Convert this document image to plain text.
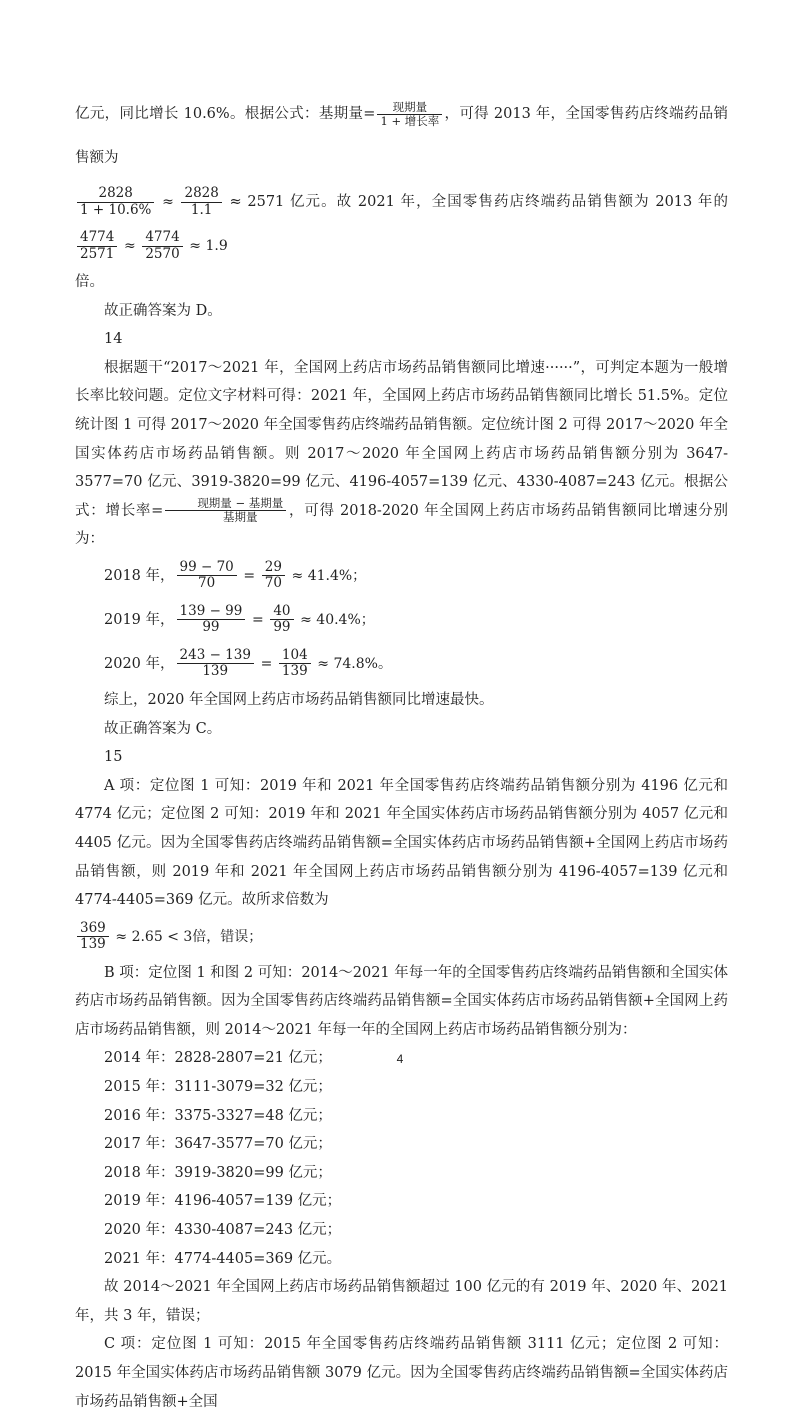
亿元，同比增长 10.6%。根据公式：基期量= $\frac{\text{现期量}}{\text{1 + 增长率}}$ ，可得 2013 年，全国零售药店终端药品销售额为

$\frac{2828}{1 + 10.6\%} \approx \frac{2828}{1.1} \approx 2571$ 亿元。故 2021 年，全国零售药店终端药品销售额为 2013 年的
$\frac{4774}{2571} \approx \frac{4774}{2570} \approx 1.9$

倍。

故正确答案为 D。

14

根据题干“2017～2021 年，全国网上药店市场药品销售额同比增速······”，可判定本题为一般增长率比较问题。定位文字材料可得：2021 年，全国网上药店市场药品销售额同比增长 51.5%。定位统计图 1 可得 2017～2020 年全国零售药店终端药品销售额。定位统计图 2 可得 2017～2020 年全国实体药店市场药品销售额。则 2017～2020 年全国网上药店市场药品销售额分别为 3647-3577=70 亿元、3919-3820=99 亿元、4196-4057=139 亿元、4330-4087=243 亿元。根据公式：增长率= $\frac{\text{现期量 − 基期量}}{\text{基期量}}$ ，可得 2018-2020 年全国网上药店市场药品销售额同比增速分别为：

2018 年， $\frac{99 - 70}{70} = \frac{29}{70} \approx 41.4\%$；

2019 年， $\frac{139 - 99}{99} = \frac{40}{99} \approx 40.4\%$；

2020 年， $\frac{243 - 139}{139} = \frac{104}{139} \approx 74.8\%$。

综上，2020 年全国网上药店市场药品销售额同比增速最快。

故正确答案为 C。

15

A 项：定位图 1 可知：2019 年和 2021 年全国零售药店终端药品销售额分别为 4196 亿元和 4774 亿元；定位图 2 可知：2019 年和 2021 年全国实体药店市场药品销售额分别为 4057 亿元和 4405 亿元。因为全国零售药店终端药品销售额=全国实体药店市场药品销售额+全国网上药店市场药品销售额，则 2019 年和 2021 年全国网上药店市场药品销售额分别为 4196-4057=139 亿元和 4774-4405=369 亿元。故所求倍数为

$\frac{369}{139} \approx 2.65 < 3$倍，错误；

B 项：定位图 1 和图 2 可知：2014～2021 年每一年的全国零售药店终端药品销售额和全国实体药店市场药品销售额。因为全国零售药店终端药品销售额=全国实体药店市场药品销售额+全国网上药店市场药品销售额，则 2014～2021 年每一年的全国网上药店市场药品销售额分别为：

2014 年：2828-2807=21 亿元；

2015 年：3111-3079=32 亿元；

2016 年：3375-3327=48 亿元；

2017 年：3647-3577=70 亿元；

2018 年：3919-3820=99 亿元；

2019 年：4196-4057=139 亿元；

2020 年：4330-4087=243 亿元；

2021 年：4774-4405=369 亿元。

故 2014～2021 年全国网上药店市场药品销售额超过 100 亿元的有 2019 年、2020 年、2021 年，共 3 年，错误；

C 项：定位图 1 可知：2015 年全国零售药店终端药品销售额 3111 亿元；定位图 2 可知：2015 年全国实体药店市场药品销售额 3079 亿元。因为全国零售药店终端药品销售额=全国实体药店市场药品销售额+全国

4
